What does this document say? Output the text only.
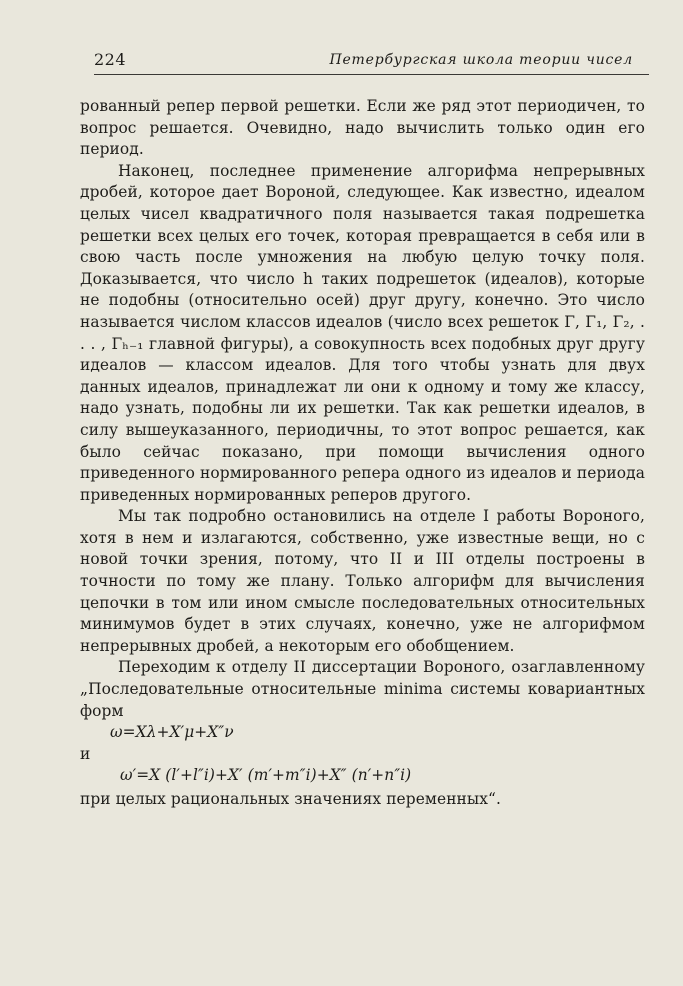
224	Петербургская школа теории чисел

рованный репер первой решетки. Если же ряд этот периодичен, то вопрос решается. Очевидно, надо вычислить только один его период.

Наконец, последнее применение алгорифма непрерывных дробей, которое дает Вороной, следующее. Как известно, идеалом целых чисел квадратичного поля называется такая подрешетка решетки всех целых его точек, которая превращается в себя или в свою часть после умножения на любую целую точку поля. Доказывается, что число h таких подрешеток (идеалов), которые не подобны (относительно осей) друг другу, конечно. Это число называется числом классов идеалов (число всех решеток Γ, Γ₁, Γ₂, . . . , Γₕ₋₁ главной фигуры), а совокупность всех подобных друг другу идеалов — классом идеалов. Для того чтобы узнать для двух данных идеалов, принадлежат ли они к одному и тому же классу, надо узнать, подобны ли их решетки. Так как решетки идеалов, в силу вышеуказанного, периодичны, то этот вопрос решается, как было сейчас показано, при помощи вычисления одного приведенного нормированного репера одного из идеалов и периода приведенных нормированных реперов другого.

Мы так подробно остановились на отделе I работы Вороного, хотя в нем и излагаются, собственно, уже известные вещи, но с новой точки зрения, потому, что II и III отделы построены в точности по тому же плану. Только алгорифм для вычисления цепочки в том или ином смысле последовательных относительных минимумов будет в этих случаях, конечно, уже не алгорифмом непрерывных дробей, а некоторым его обобщением.

Переходим к отделу II диссертации Вороного, озаглавленному „Последовательные относительные minima системы ковариантных форм

ω=Xλ+X′μ+X″ν

и

ω′=X (l′+l″i)+X′ (m′+m″i)+X″ (n′+n″i)

при целых рациональных значениях переменных“.
